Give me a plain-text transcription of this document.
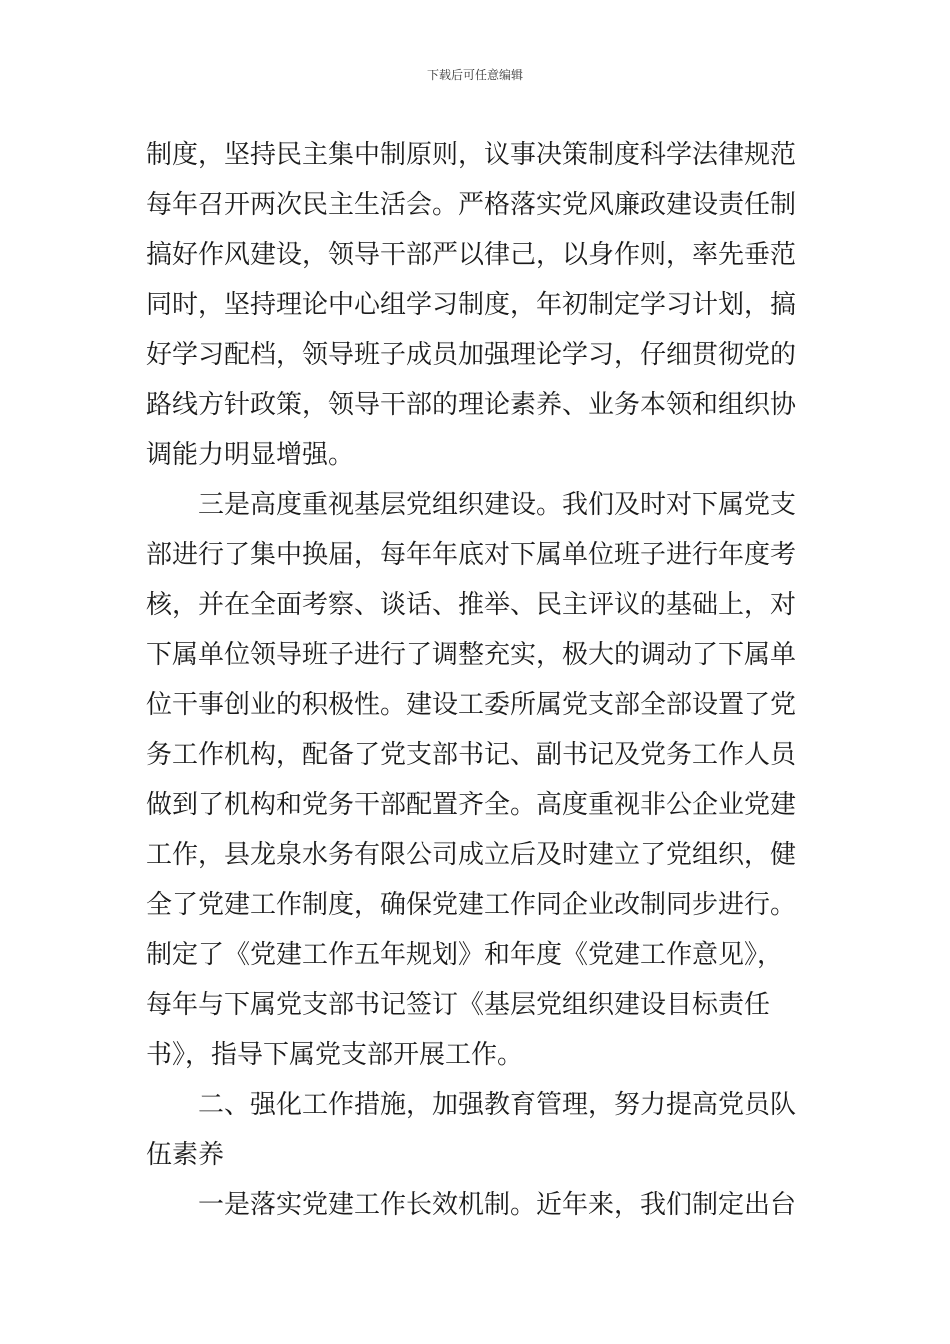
下载后可任意编辑
制度，坚持民主集中制原则，议事决策制度科学法律规范
每年召开两次民主生活会。严格落实党风廉政建设责任制
搞好作风建设，领导干部严以律己，以身作则，率先垂范
同时，坚持理论中心组学习制度，年初制定学习计划，搞
好学习配档，领导班子成员加强理论学习，仔细贯彻党的
路线方针政策，领导干部的理论素养、业务本领和组织协
调能力明显增强。
三是高度重视基层党组织建设。我们及时对下属党支
部进行了集中换届，每年年底对下属单位班子进行年度考
核，并在全面考察、谈话、推举、民主评议的基础上，对
下属单位领导班子进行了调整充实，极大的调动了下属单
位干事创业的积极性。建设工委所属党支部全部设置了党
务工作机构，配备了党支部书记、副书记及党务工作人员
做到了机构和党务干部配置齐全。高度重视非公企业党建
工作，县龙泉水务有限公司成立后及时建立了党组织，健
全了党建工作制度，确保党建工作同企业改制同步进行。
制定了《党建工作五年规划》和年度《党建工作意见》，
每年与下属党支部书记签订《基层党组织建设目标责任
书》，指导下属党支部开展工作。
二、强化工作措施，加强教育管理，努力提高党员队
伍素养
一是落实党建工作长效机制。近年来，我们制定出台
